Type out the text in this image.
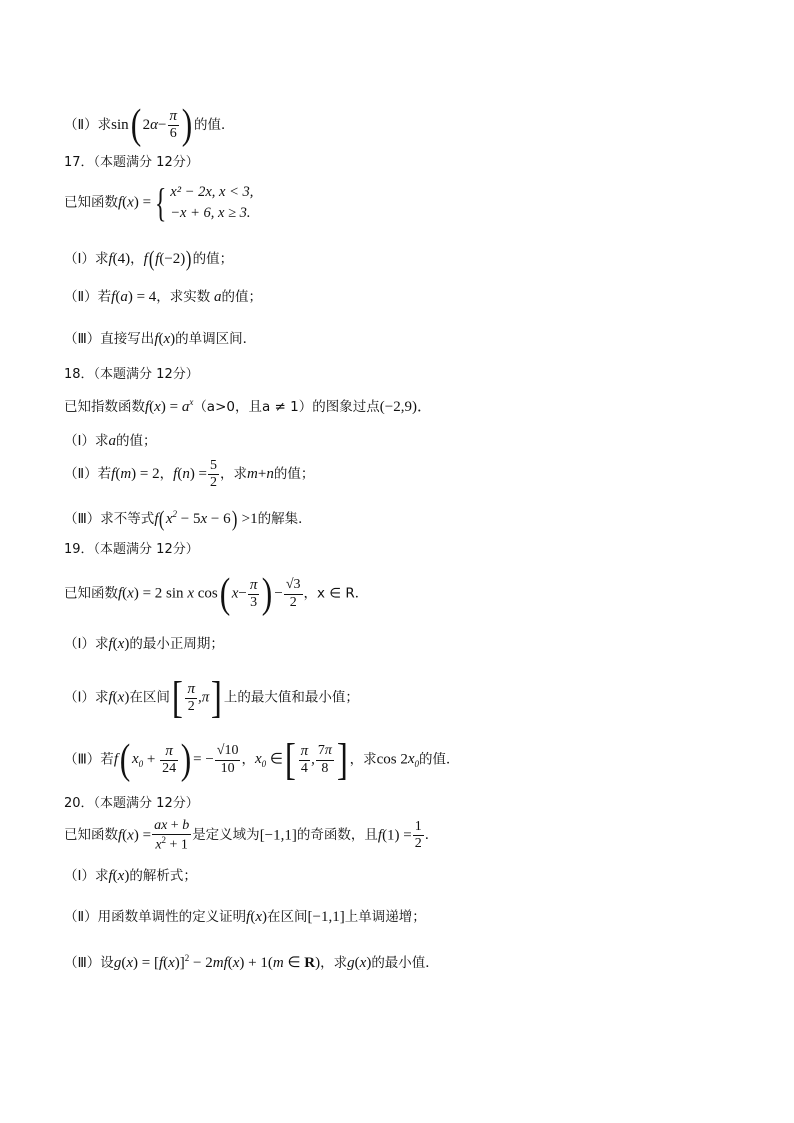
（Ⅱ）求sin( $2\alpha- \frac{\pi}{6}$ ) 的值．
17．（本题满分 12分）
已知函数f(x) ={ x² − 2x, x < 3,
−x + 6, x ≥ 3.
（Ⅰ）求f(4)，f(f(−2))的值；
（Ⅱ）若f(a) = 4，求实数 a的值；
（Ⅲ）直接写出f(x)的单调区间．
18．（本题满分 12分）
已知指数函数$f(x) = a^x(a>0$，且a ≠ 1）的图象过点(−2,9)．
（Ⅰ）求a的值；
（Ⅱ）若f(m) = 2，$f(n) = \frac{5}{2}$ ，求m+n的值；
（Ⅲ）求不等式$f(x^2 - 5x - 6) >1$的解集．
19．（本题满分 12分）
已知函数f(x) = 2 sin x cos( $x- \frac{\pi}{3}$ ) − $\frac{√3}{2}$ ，x ∈ R．
（Ⅰ）求f(x)的最小正周期；
（Ⅰ）求f(x)在区间[ $\frac{\pi}{2} ,\pi$] 上的最大值和最小值；
（Ⅲ）若f( $x_0 + \frac{\pi}{24}$ ) = − $\frac{√10}{10}$ ，$x_0$ ∈[ $\frac{\pi}{4}$ , $\frac{7\pi}{8}$ ] ，求$\cos 2x_0$的值．
20．（本题满分 12分）
已知函数$f(x) = \frac{ax + b}{x^2 + 1}$ 是定义域为[−1,1]的奇函数，且$f(1) = \frac{1}{2}$ ．
（Ⅰ）求f(x)的解析式；
（Ⅱ）用函数单调性的定义证明f(x)在区间[−1,1]上单调递增；
（Ⅲ）设$g(x) = [f(x)]^2 - 2mf(x) + 1(m$ ∈ R)，求g(x)的最小值．
